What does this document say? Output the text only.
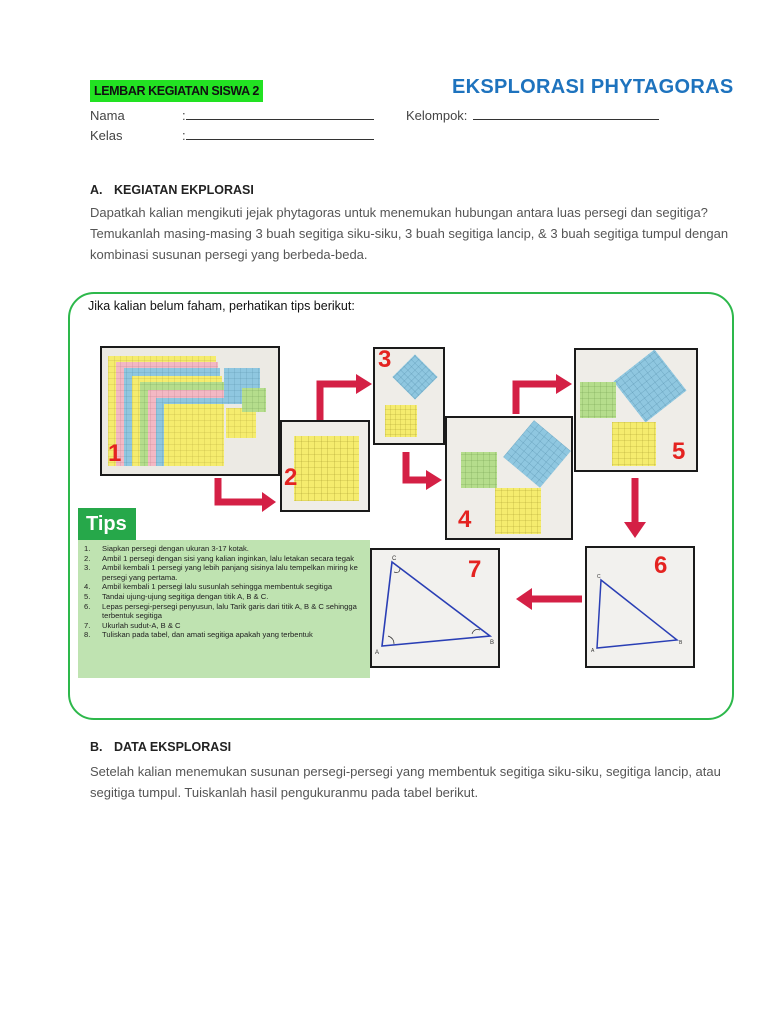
LEMBAR KEGIATAN SISWA 2	EKSPLORASI PHYTAGORAS
Nama	:
Kelas	:
Kelompok:
A. KEGIATAN EKPLORASI
Dapatkah kalian mengikuti jejak phytagoras untuk menemukan hubungan antara luas persegi dan segitiga? Temukanlah masing-masing 3 buah segitiga siku-siku, 3 buah segitiga lancip, & 3 buah segitiga tumpul dengan kombinasi susunan persegi yang berbeda-beda.
Jika kalian belum faham, perhatikan tips berikut:
1
2
3
4
5
C
B
A
6
C
B
A
7
Tips
1.	Siapkan persegi dengan ukuran 3-17 kotak.
2.	Ambil 1 persegi dengan sisi yang kalian inginkan, lalu letakan secara tegak
3.	Ambil kembali 1 persegi yang lebih panjang sisinya lalu tempelkan miring ke persegi yang pertama.
4.	Ambil kembali 1 persegi lalu susunlah sehingga membentuk segitiga
5.	Tandai ujung-ujung segitiga dengan titik A, B & C.
6.	Lepas persegi-persegi penyusun, lalu Tarik garis dari titik A, B & C sehingga terbentuk segitiga
7.	Ukurlah sudut-A, B & C
8.	Tuliskan pada tabel, dan amati segitiga apakah yang terbentuk
B. DATA EKSPLORASI
Setelah kalian menemukan susunan persegi-persegi yang membentuk segitiga siku-siku, segitiga lancip, atau segitiga tumpul. Tuiskanlah hasil pengukuranmu pada tabel berikut.
